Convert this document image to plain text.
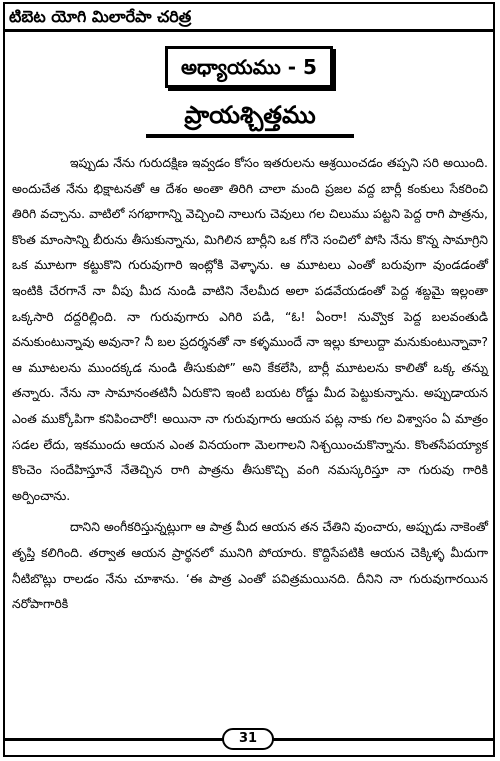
టిబెట యోగి మిలారేపా చరిత్ర
అధ్యాయము - 5
ప్రాయశ్చిత్తము

ఇప్పుడు నేను గురుదక్షిణ ఇవ్వడం కోసం ఇతరులను ఆశ్రయించడం తప్పని సరి అయింది. అందుచేత నేను భిక్షాటనతో ఆ దేశం అంతా తిరిగి చాలా మంది ప్రజల వద్ద బార్లీ కంకులు సేకరించి తిరిగి వచ్చాను. వాటిలో సగభాగాన్ని వెచ్చించి నాలుగు చెవులు గల చిలుము పట్టని పెద్ద రాగి పాత్రను, కొంత మాంసాన్ని బీరును తీసుకున్నాను, మిగిలిన బార్లీని ఒక గోనె సంచిలో పోసి నేను కొన్న సామాగ్రిని ఒక మూటగా కట్టుకొని గురువుగారి ఇంట్లోకి వెళ్ళాను. ఆ మూటలు ఎంతో బరువుగా వుండడంతో ఇంటికి చేరగానే నా వీపు మీద నుండి వాటిని నేలమీద అలా పడవేయడంతో పెద్ద శబ్దమై ఇల్లంతా ఒక్కసారి దద్దరిల్లింది. నా గురువుగారు ఎగిరి పడి, “ఓ! ఏంరా! నువ్వొక పెద్ద బలవంతుడి వనుకుంటున్నావు అవునా? నీ బల ప్రదర్శనతో నా కళ్ళముందే నా ఇల్లు కూలుద్దా మనుకుంటున్నావా? ఆ మూటలను ముందక్కడ నుండి తీసుకుపో” అని కేకలేసి, బార్లీ మూటలను కాలితో ఒక్క తన్ను తన్నారు. నేను నా సామానంతటినీ ఏరుకొని ఇంటి బయట రోడ్డు మీద పెట్టుకున్నాను. అప్పుడాయన ఎంత ముక్కోపిగా కనిపించారో! అయినా నా గురువుగారు ఆయన పట్ల నాకు గల విశ్వాసం ఏ మాత్రం సడల లేదు, ఇకముందు ఆయన ఎంత వినయంగా మెలగాలని నిశ్చయించుకొన్నాను. కొంతసేపయ్యాక కొంచెం సందేహిస్తూనే నేతెచ్చిన రాగి పాత్రను తీసుకొచ్చి వంగి నమస్కరిస్తూ నా గురువు గారికి అర్పించాను.

దానిని అంగీకరిస్తున్నట్లుగా ఆ పాత్ర మీద ఆయన తన చేతిని వుంచారు, అప్పుడు నాకెంతో తృప్తి కలిగింది. తర్వాత ఆయన ప్రార్థనలో మునిగి పోయారు. కొద్దిసేపటికి ఆయన చెక్కిళ్ళ మీదుగా నీటిబొట్లు రాలడం నేను చూశాను. ‘ఈ పాత్ర ఎంతో పవిత్రమయినది. దీనిని నా గురువుగారయిన నరోపాగారికి

31
